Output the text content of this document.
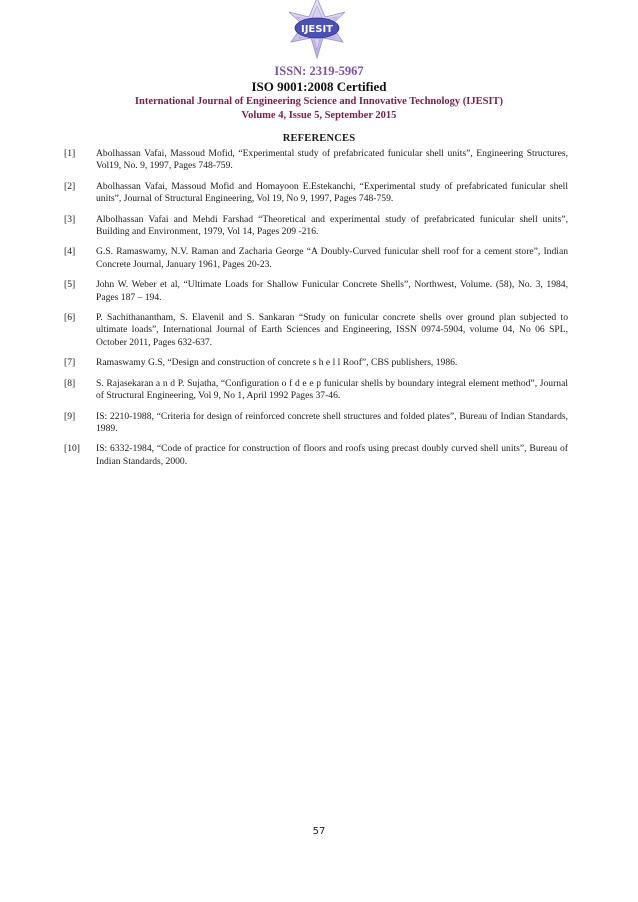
IJESIT
ISSN: 2319-5967
ISO 9001:2008 Certified
International Journal of Engineering Science and Innovative Technology (IJESIT)
Volume 4, Issue 5, September 2015
REFERENCES
[1] Abolhassan Vafai, Massoud Mofid, “Experimental study of prefabricated funicular shell units”, Engineering Structures, Vol19, No. 9, 1997, Pages 748-759.
[2] Abolhassan Vafai, Massoud Mofid and Homayoon E.Estekanchi, “Experimental study of prefabricated funicular shell units”, Journal of Structural Engineering, Vol 19, No 9, 1997, Pages 748-759.
[3] Albolhassan Vafai and Mehdi Farshad “Theoretical and experimental study of prefabricated funicular shell units”, Building and Environment, 1979, Vol 14, Pages 209 -216.
[4] G.S. Ramaswamy, N.V. Raman and Zacharia George “A Doubly-Curved funicular shell roof for a cement store”, Indian Concrete Journal, January 1961, Pages 20-23.
[5] John W. Weber et al, “Ultimate Loads for Shallow Funicular Concrete Shells”, Northwest, Volume. (58), No. 3, 1984, Pages 187 – 194.
[6] P. Sachithanantham, S. Elavenil and S. Sankaran “Study on funicular concrete shells over ground plan subjected to ultimate loads”, International Journal of Earth Sciences and Engineering, ISSN 0974-5904, volume 04, No 06 SPL, October 2011, Pages 632-637.
[7] Ramaswamy G.S, “Design and construction of concrete s h e l l Roof”, CBS publishers, 1986.
[8] S. Rajasekaran a n d P. Sujatha, “Configuration o f d e e p funicular shells by boundary integral element method”, Journal of Structural Engineering, Vol 9, No 1, April 1992 Pages 37-46.
[9] IS: 2210-1988, “Criteria for design of reinforced concrete shell structures and folded plates”, Bureau of Indian Standards, 1989.
[10] IS: 6332-1984, “Code of practice for construction of floors and roofs using precast doubly curved shell units”, Bureau of Indian Standards, 2000.
57
